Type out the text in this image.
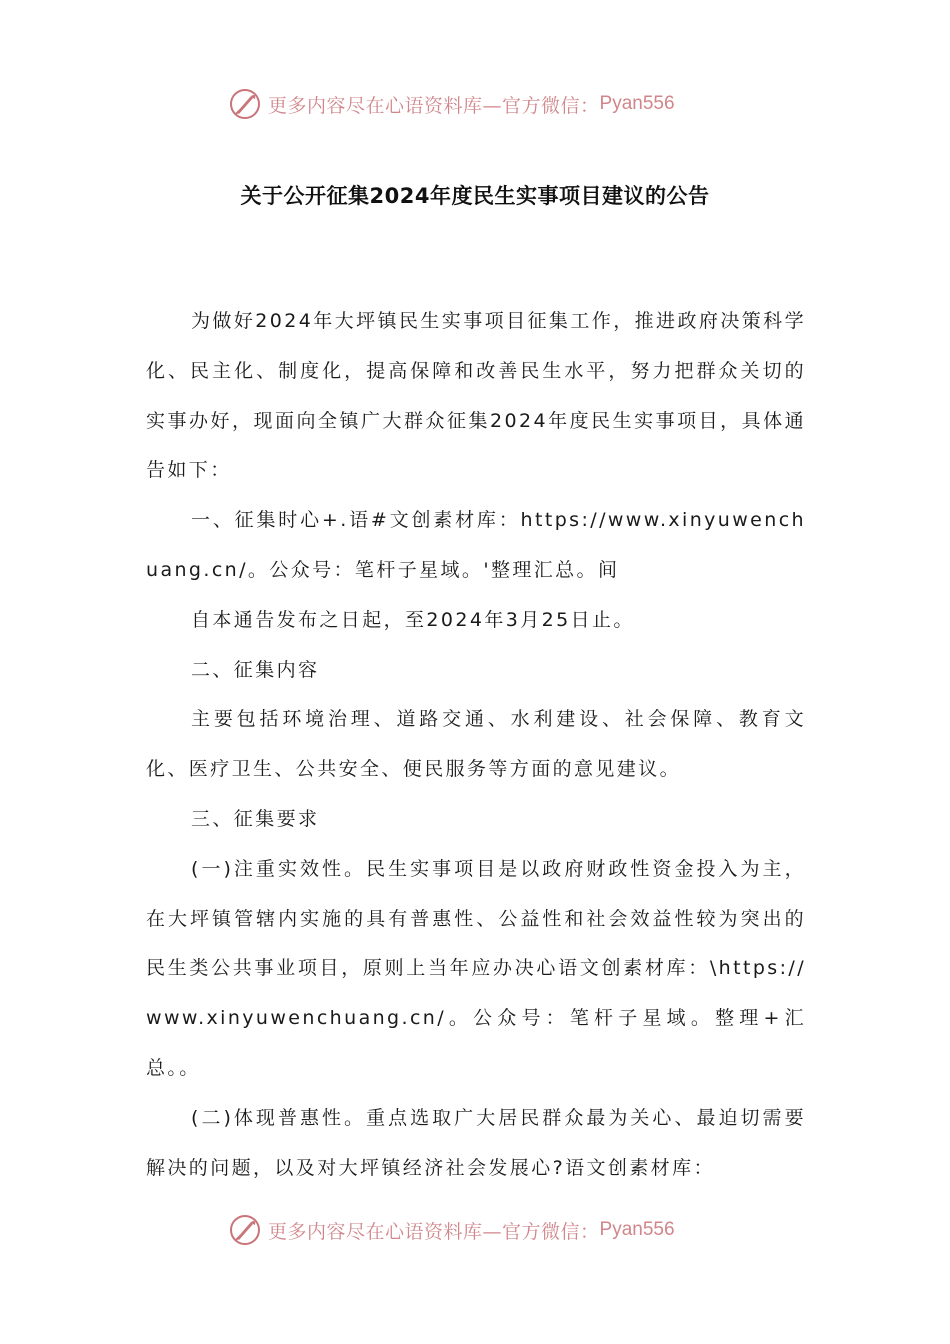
更多内容尽在心语资料库—官方微信： Pyan556
关于公开征集2024年度民生实事项目建议的公告

为做好2024年大坪镇民生实事项目征集工作，推进政府决策科学化、民主化、制度化，提高保障和改善民生水平，努力把群众关切的实事办好，现面向全镇广大群众征集2024年度民生实事项目，具体通告如下：

一、征集时心+.语#文创素材库：https://www.xinyuwenchuang.cn/。公众号：笔杆子星域。'整理汇总。间

自本通告发布之日起，至2024年3月25日止。

二、征集内容

主要包括环境治理、道路交通、水利建设、社会保障、教育文化、医疗卫生、公共安全、便民服务等方面的意见建议。

三、征集要求

(一)注重实效性。民生实事项目是以政府财政性资金投入为主，在大坪镇管辖内实施的具有普惠性、公益性和社会效益性较为突出的民生类公共事业项目，原则上当年应办决心语文创素材库：\https://www.xinyuwenchuang.cn/。公众号：笔杆子星域。整理+汇总。。

(二)体现普惠性。重点选取广大居民群众最为关心、最迫切需要解决的问题，以及对大坪镇经济社会发展心?语文创素材库：

更多内容尽在心语资料库—官方微信： Pyan556
